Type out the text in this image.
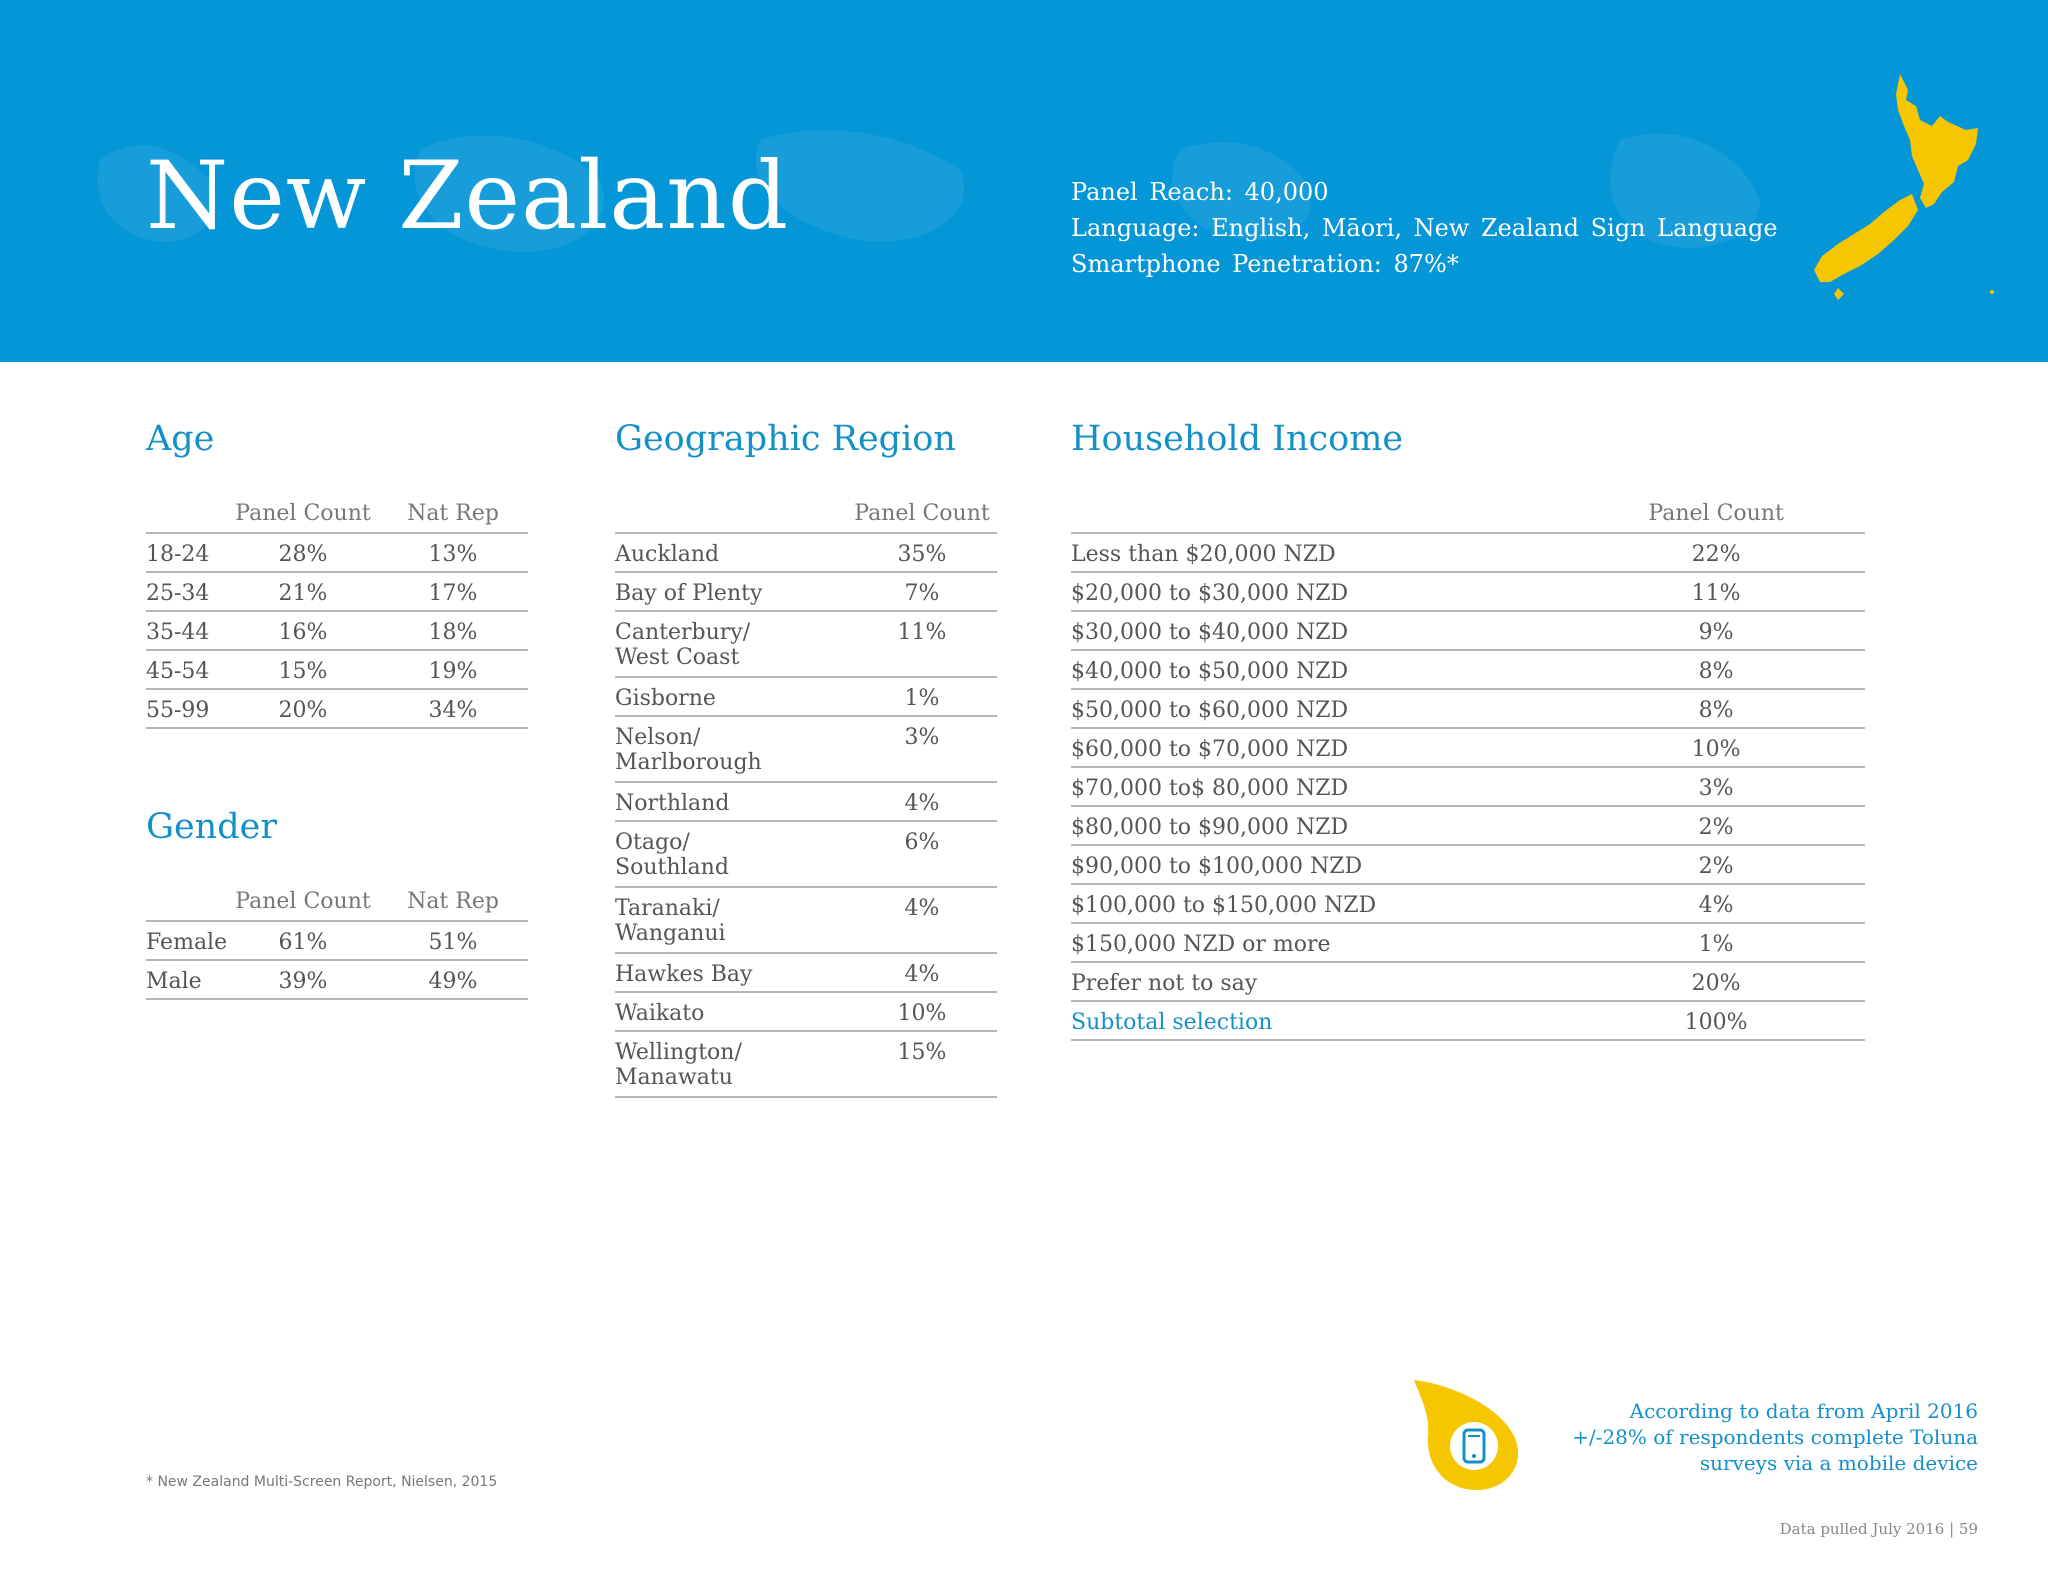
New Zealand	Panel Reach: 40,000
Language: English, Māori, New Zealand Sign Language
Smartphone Penetration: 87%*
Age
	Panel Count	Nat Rep
18-24	28%	13%
25-34	21%	17%
35-44	16%	18%
45-54	15%	19%
55-99	20%	34%
Gender
	Panel Count	Nat Rep
Female	61%	51%
Male	39%	49%
Geographic Region
	Panel Count
Auckland	35%
Bay of Plenty	7%

Canterbury/
West Coast	11%
Gisborne	1%

Nelson/
Marlborough	3%
Northland	4%

Otago/
Southland	6%

Taranaki/
Wanganui	4%
Hawkes Bay	4%
Waikato	10%

Wellington/
Manawatu	15%
Household Income
	Panel Count
Less than $20,000 NZD	22%
$20,000 to $30,000 NZD	11%
$30,000 to $40,000 NZD	9%
$40,000 to $50,000 NZD	8%
$50,000 to $60,000 NZD	8%
$60,000 to $70,000 NZD	10%
$70,000 to$ 80,000 NZD	3%
$80,000 to $90,000 NZD	2%
$90,000 to $100,000 NZD	2%
$100,000 to $150,000 NZD	4%
$150,000 NZD or more	1%
Prefer not to say	20%
Subtotal selection	100%
* New Zealand Multi-Screen Report, Nielsen, 2015
According to data from April 2016
+/-28% of respondents complete Toluna
surveys via a mobile device
Data pulled July 2016 | 59
